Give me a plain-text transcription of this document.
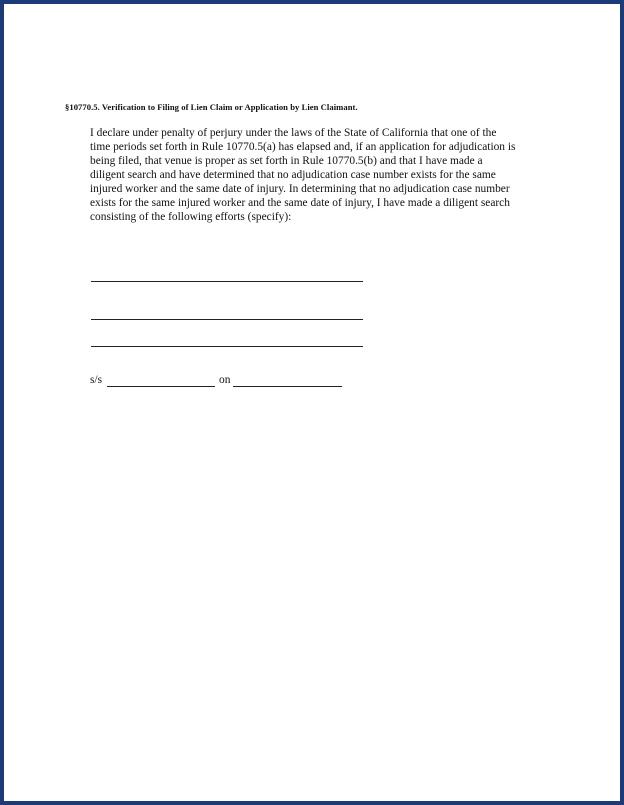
§10770.5. Verification to Filing of Lien Claim or Application by Lien Claimant.

I declare under penalty of perjury under the laws of the State of California that one of the
time periods set forth in Rule 10770.5(a) has elapsed and, if an application for adjudication is
being filed, that venue is proper as set forth in Rule 10770.5(b) and that I have made a
diligent search and have determined that no adjudication case number exists for the same
injured worker and the same date of injury. In determining that no adjudication case number
exists for the same injured worker and the same date of injury, I have made a diligent search
consisting of the following efforts (specify):

s/s	on
